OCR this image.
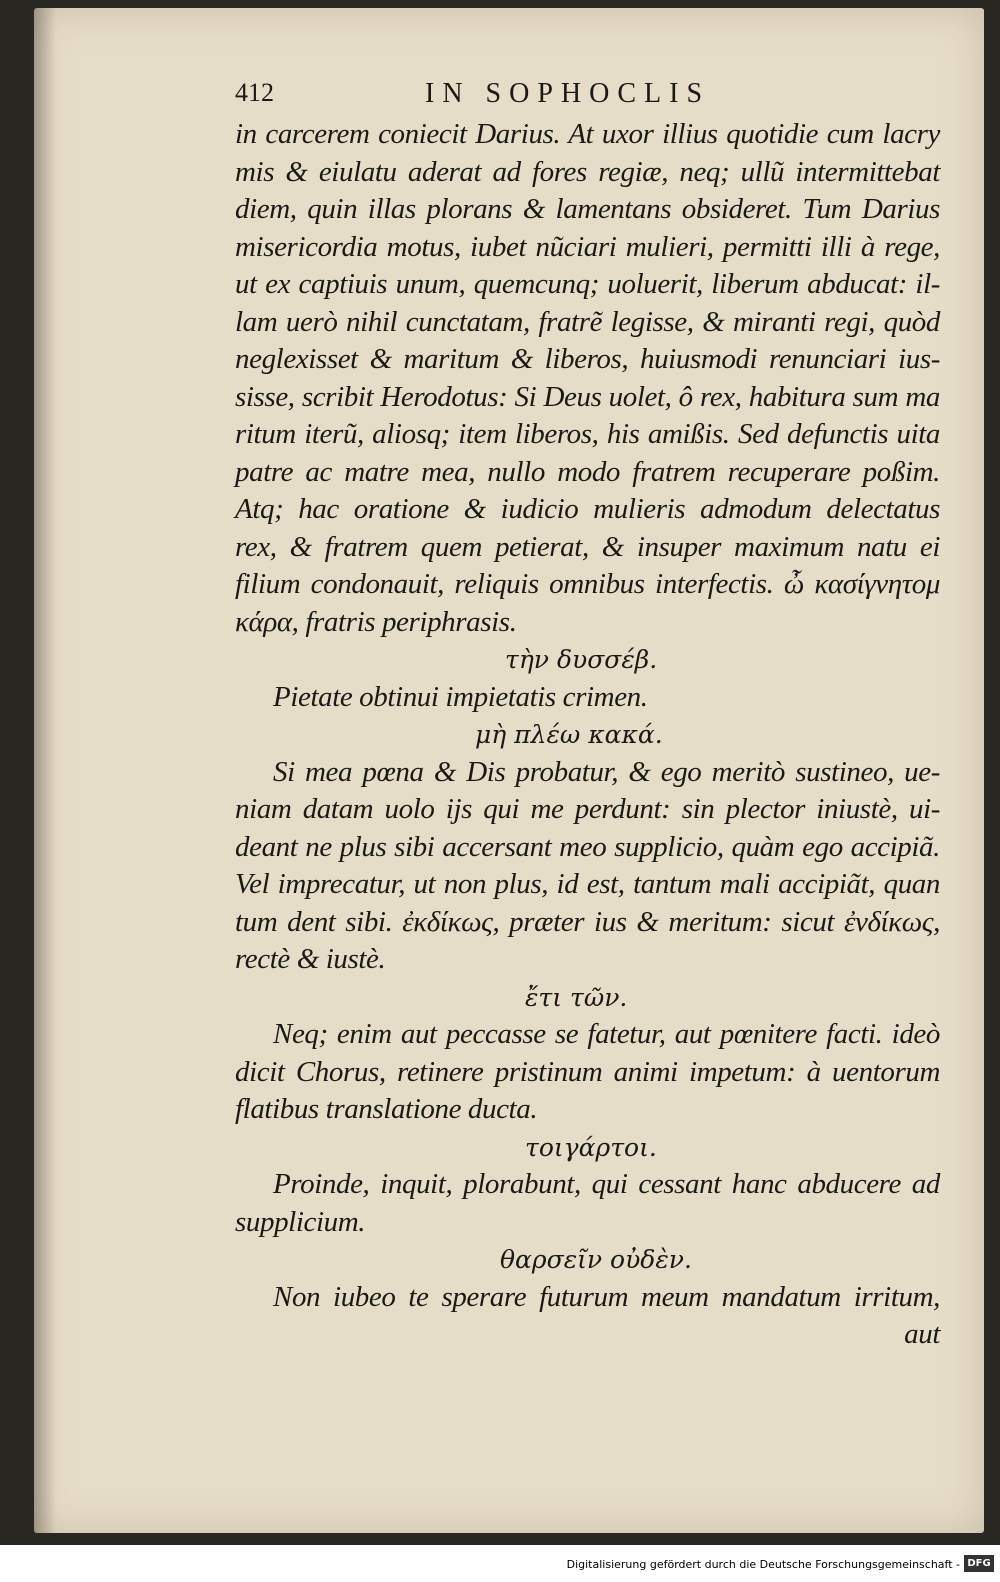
412	IN SOPHOCLIS

in carcerem coniecit Darius. At uxor illius quotidie cum lacry

mis & eiulatu aderat ad fores regiæ, neq; ullũ intermittebat

diem, quin illas plorans & lamentans obsideret. Tum Darius

misericordia motus, iubet nũciari mulieri, permitti illi à rege,

ut ex captiuis unum, quemcunq; uoluerit, liberum abducat: il-

lam uerò nihil cunctatam, fratrẽ legisse, & miranti regi, quòd

neglexisset & maritum & liberos, huiusmodi renunciari ius-

sisse, scribit Herodotus: Si Deus uolet, ô rex, habitura sum ma

ritum iterũ, aliosq; item liberos, his amißis. Sed defunctis uita

patre ac matre mea, nullo modo fratrem recuperare poßim.

Atq; hac oratione & iudicio mulieris admodum delectatus

rex, & fratrem quem petierat, & insuper maximum natu ei

filium condonauit, reliquis omnibus interfectis. ὦ κασίγνητομ

κάρα, fratris periphrasis.

τὴν δυσσέβ.

Pietate obtinui impietatis crimen.

μὴ πλέω κακά.

Si mea pœna & Dis probatur, & ego meritò sustineo, ue-

niam datam uolo ijs qui me perdunt: sin plector iniustè, ui-

deant ne plus sibi accersant meo supplicio, quàm ego accipiã.

Vel imprecatur, ut non plus, id est, tantum mali accipiãt, quan

tum dent sibi. ἐκδίκως, præter ius & meritum: sicut ἐνδίκως,

rectè & iustè.

ἔτι τῶν.

Neq; enim aut peccasse se fatetur, aut pœnitere facti. ideò

dicit Chorus, retinere pristinum animi impetum: à uentorum

flatibus translatione ducta.

τοιγάρτοι.

Proinde, inquit, plorabunt, qui cessant hanc abducere ad

supplicium.

θαρσεῖν οὐδὲν.

Non iubeo te sperare futurum meum mandatum irritum,

aut

Digitalisierung gefördert durch die Deutsche Forschungsgemeinschaft - DFG
